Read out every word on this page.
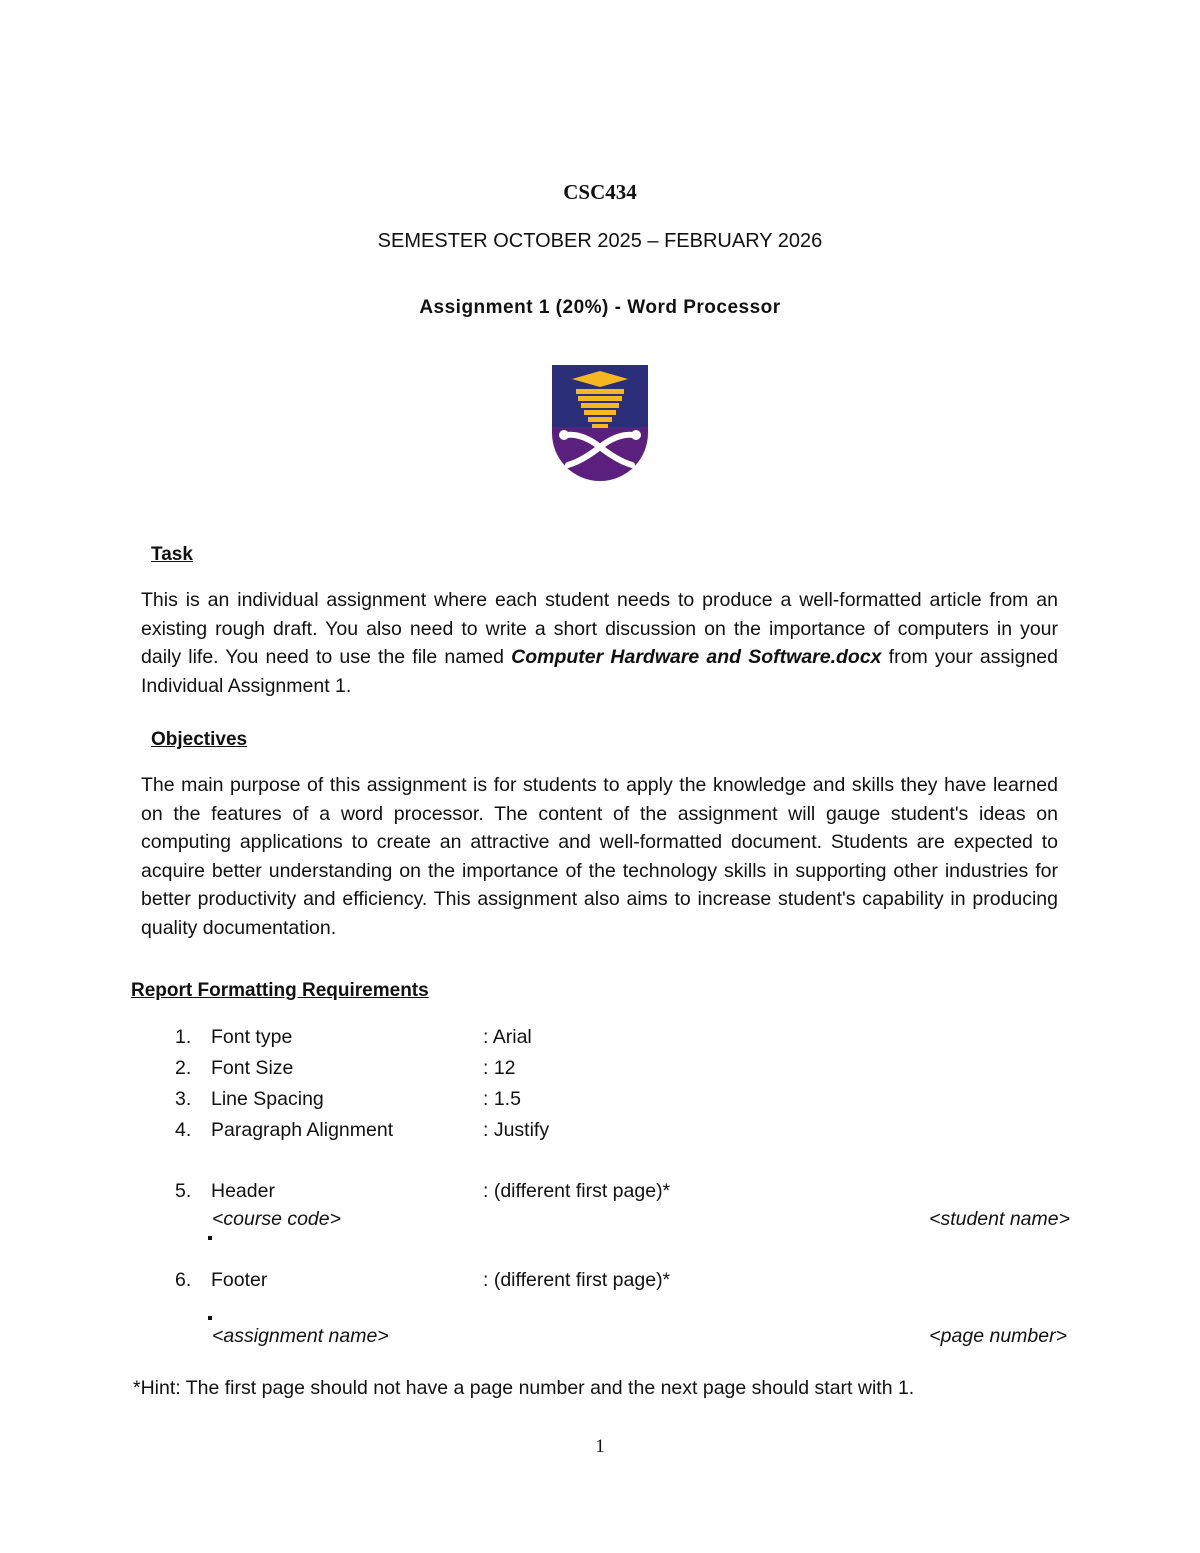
CSC434
SEMESTER OCTOBER 2025 – FEBRUARY 2026
Assignment 1 (20%) - Word Processor
Task
This is an individual assignment where each student needs to produce a well-formatted article from an existing rough draft. You also need to write a short discussion on the importance of computers in your daily life. You need to use the file named Computer Hardware and Software.docx from your assigned Individual Assignment 1.
Objectives
The main purpose of this assignment is for students to apply the knowledge and skills they have learned on the features of a word processor. The content of the assignment will gauge student's ideas on computing applications to create an attractive and well-formatted document. Students are expected to acquire better understanding on the importance of the technology skills in supporting other industries for better productivity and efficiency. This assignment also aims to increase student's capability in producing quality documentation.
Report Formatting Requirements
1. Font type	: Arial
2. Font Size	: 12
3. Line Spacing	: 1.5
4. Paragraph Alignment	: Justify
5. Header	: (different first page)*
<course code>	<student name>
6. Footer	: (different first page)*
<assignment name>	<page number>
*Hint: The first page should not have a page number and the next page should start with 1.
1
